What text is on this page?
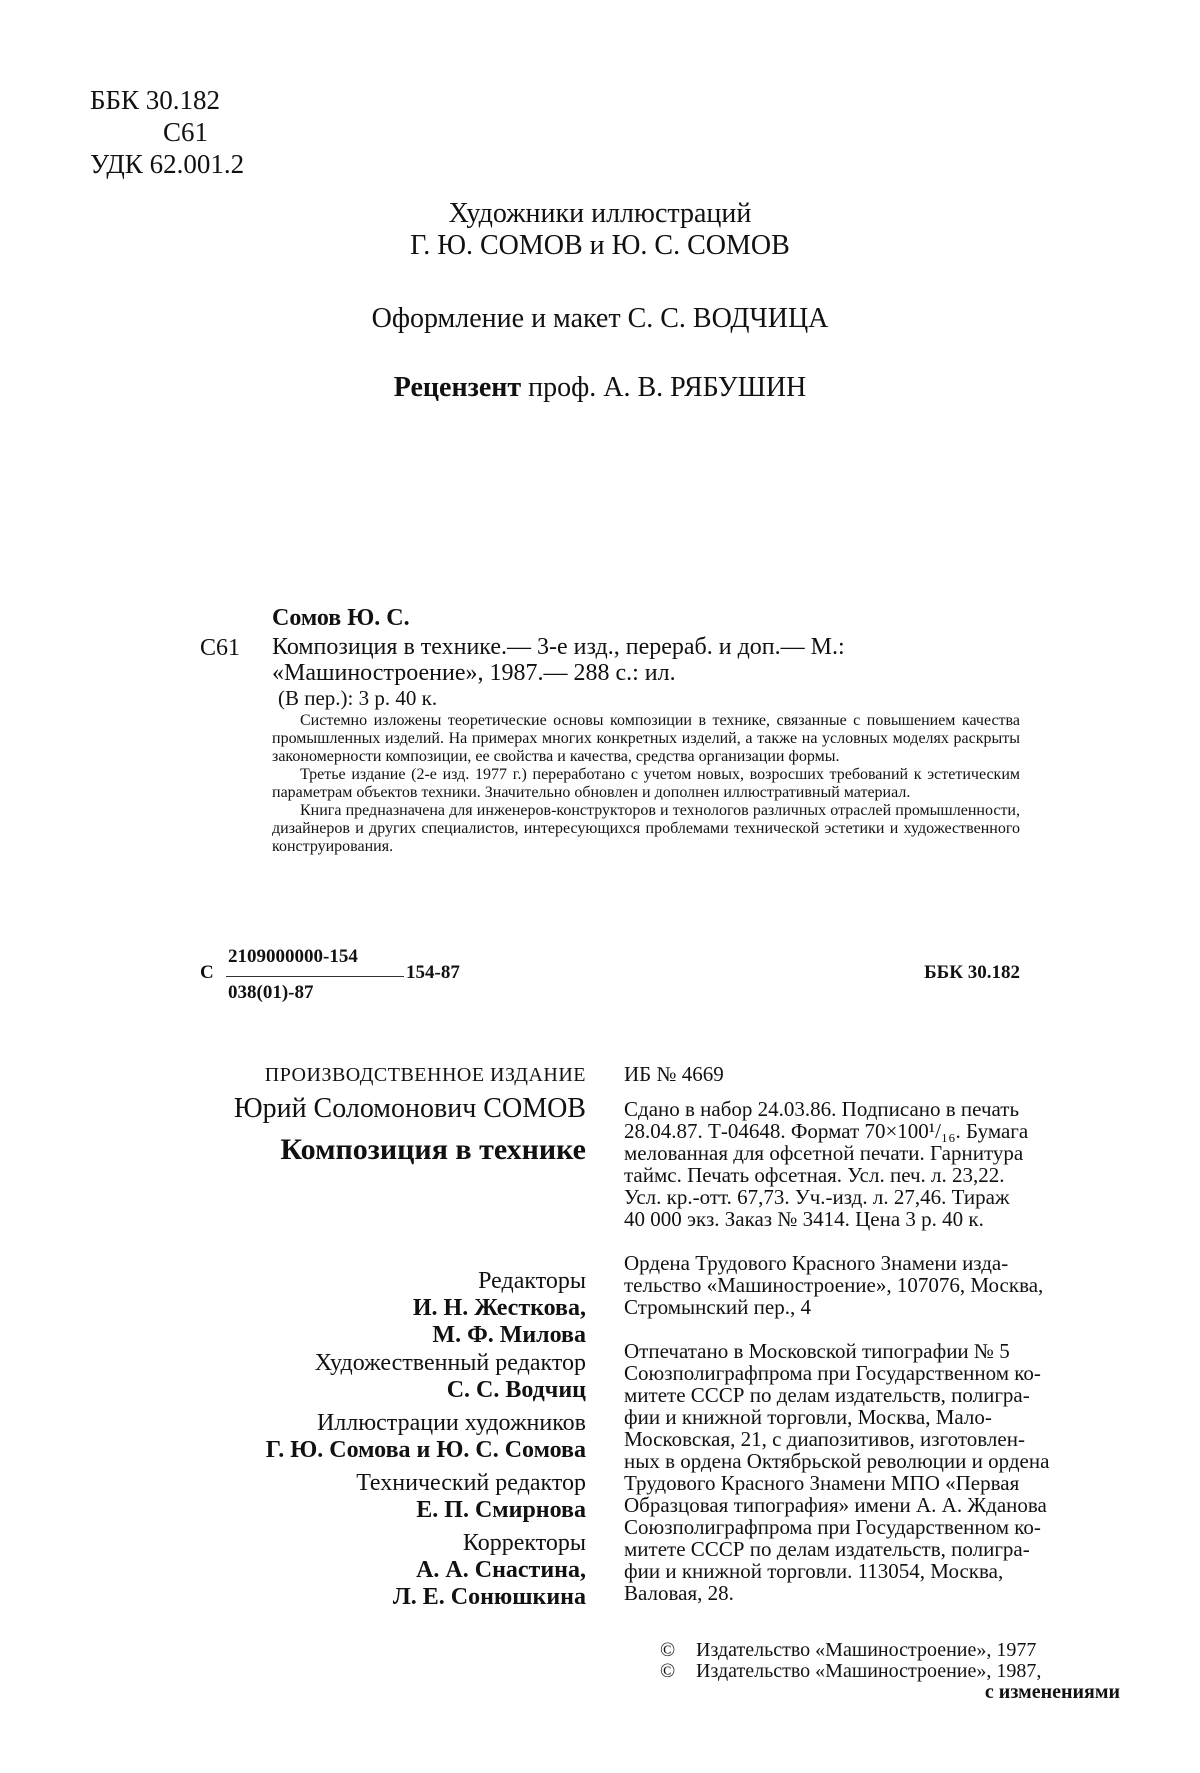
ББК 30.182
С61
УДК 62.001.2
Художники иллюстраций
Г. Ю. СОМОВ и Ю. С. СОМОВ
Оформление и макет С. С. ВОДЧИЦА
Рецензент проф. А. В. РЯБУШИН
Сомов Ю. С.
С61 Композиция в технике.— 3-е изд., перераб. и доп.— М.:
«Машиностроение», 1987.— 288 с.: ил.
(В пер.): 3 р. 40 к.

Системно изложены теоретические основы композиции в технике, связанные с повышением качества промышленных изделий. На примерах многих конкретных изделий, а также на условных моделях раскрыты закономерности композиции, ее свойства и качества, средства организации формы.

Третье издание (2-е изд. 1977 г.) переработано с учетом новых, возросших требований к эстетическим параметрам объектов техники. Значительно обновлен и дополнен иллюстративный материал.

Книга предназначена для инженеров-конструкторов и технологов различных отраслей промышленности, дизайнеров и других специалистов, интересующихся проблемами технической эстетики и художественного конструирования.

С
2109000000-154
038(01)-87
154-87	ББК 30.182
ПРОИЗВОДСТВЕННОЕ ИЗДАНИЕ
Юрий Соломонович СОМОВ
Композиция в технике
Редакторы
И. Н. Жесткова,
М. Ф. Милова
Художественный редактор
С. С. Водчиц
Иллюстрации художников
Г. Ю. Сомова и Ю. С. Сомова
Технический редактор
Е. П. Смирнова
Корректоры
А. А. Снастина,
Л. Е. Сонюшкина
ИБ № 4669
Сдано в набор 24.03.86. Подписано в печать
28.04.87. Т-04648. Формат 70×100¹/₁₆. Бумага
мелованная для офсетной печати. Гарнитура
таймс. Печать офсетная. Усл. печ. л. 23,22.
Усл. кр.-отт. 67,73. Уч.-изд. л. 27,46. Тираж
40 000 экз. Заказ № 3414. Цена 3 р. 40 к.
Ордена Трудового Красного Знамени изда-
тельство «Машиностроение», 107076, Москва,
Стромынский пер., 4
Отпечатано в Московской типографии № 5
Союзполиграфпрома при Государственном ко-
митете СССР по делам издательств, полигра-
фии и книжной торговли, Москва, Мало-
Московская, 21, с диапозитивов, изготовлен-
ных в ордена Октябрьской революции и ордена
Трудового Красного Знамени МПО «Первая
Образцовая типография» имени А. А. Жданова
Союзполиграфпрома при Государственном ко-
митете СССР по делам издательств, полигра-
фии и книжной торговли. 113054, Москва,
Валовая, 28.
©	Издательство «Машиностроение», 1977
©	Издательство «Машиностроение», 1987,
с изменениями
